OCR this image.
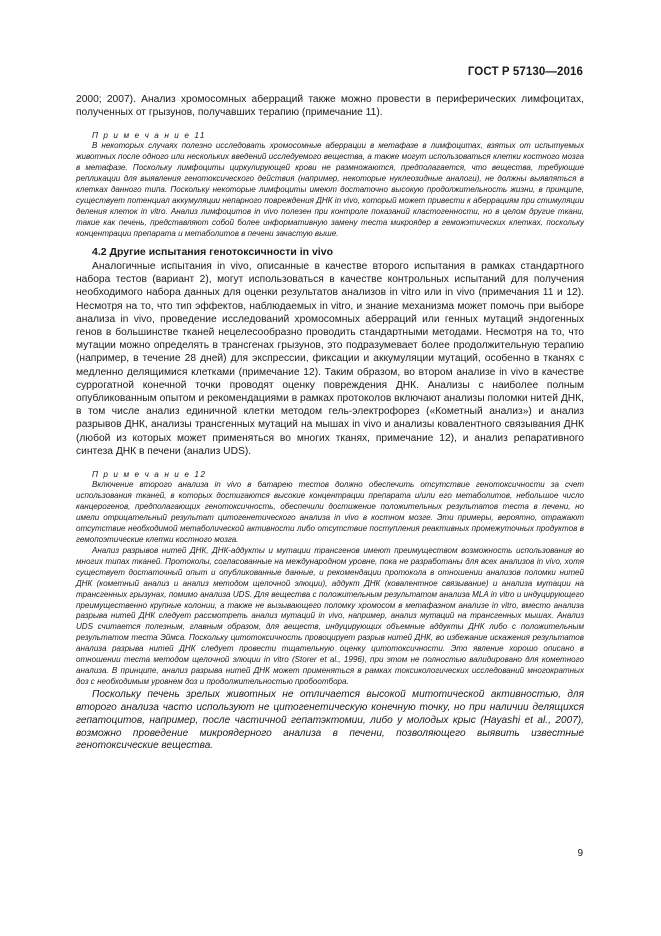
ГОСТ Р 57130—2016

2000; 2007). Анализ хромосомных аберраций также можно провести в периферических лимфоцитах, полученных от грызунов, получавших терапию (примечание 11).

П р и м е ч а н и е 11

В некоторых случаях полезно исследовать хромосомные аберрации в метафазе в лимфоцитах, взятых от испытуемых животных после одного или нескольких введений исследуемого вещества, а также могут использоваться клетки костного мозга в метафазе. Поскольку лимфоциты циркулирующей крови не размножаются, предполагается, что вещества, требующие репликации для выявления генотоксического действия (например, некоторые нуклеозидные аналоги), не должны выявляться в клетках данного типа. Поскольку некоторые лимфоциты имеют достаточно высокую продолжительность жизни, в принципе, существует потенциал аккумуляции непарного повреждения ДНК in vivo, который может привести к аберрациям при стимуляции деления клеток in vitro. Анализ лимфоцитов in vivo полезен при контроле показаний кластогенности, но в целом другие ткани, такие как печень, представляют собой более информативную замену теста микроядер в геможэтических клетках, поскольку концентрации препарата и метаболитов в печени зачастую выше.

4.2 Другие испытания генотоксичности in vivo

Аналогичные испытания in vivo, описанные в качестве второго испытания в рамках стандартного набора тестов (вариант 2), могут использоваться в качестве контрольных испытаний для получения необходимого набора данных для оценки результатов анализов in vitro или in vivo (примечания 11 и 12). Несмотря на то, что тип эффектов, наблюдаемых in vitro, и знание механизма может помочь при выборе анализа in vivo, проведение исследований хромосомных аберраций или генных мутаций эндогенных генов в большинстве тканей нецелесообразно проводить стандартными методами. Несмотря на то, что мутации можно определять в трансгенах грызунов, это подразумевает более продолжительную терапию (например, в течение 28 дней) для экспрессии, фиксации и аккумуляции мутаций, особенно в тканях с медленно делящимися клетками (примечание 12). Таким образом, во втором анализе in vivo в качестве суррогатной конечной точки проводят оценку повреждения ДНК. Анализы с наиболее полным опубликованным опытом и рекомендациями в рамках протоколов включают анализы поломки нитей ДНК, в том числе анализ единичной клетки методом гель-электрофорез («Кометный анализ») и анализ разрывов ДНК, анализы трансгенных мутаций на мышах in vivo и анализы ковалентного связывания ДНК (любой из которых может применяться во многих тканях, примечание 12), и анализ репаративного синтеза ДНК в печени (анализ UDS).

П р и м е ч а н и е 12

Включение второго анализа in vivo в батарею тестов должно обеспечить отсутствие генотоксичности за счет использования тканей, в которых достигаются высокие концентрации препарата и/или его метаболитов, небольшое число канцерогенов, предполагающих генотоксичность, обеспечили достижение положительных результатов теста в печени, но имели отрицательный результат цитогенетического анализа in vivo в костном мозге. Эти примеры, вероятно, отражают отсутствие необходимой метаболической активности либо отсутствие поступления реактивных промежуточных продуктов в гемопоэтические клетки костного мозга.

Анализ разрывов нитей ДНК, ДНК-аддукты и мутации трансгенов имеют преимуществом возможность использования во многих типах тканей. Протоколы, согласованные на международном уровне, пока не разработаны для всех анализов in vivo, хотя существует достаточный опыт и опубликованные данные, и рекомендации протокола в отношении анализов поломки нитей ДНК (кометный анализ и анализ методом щелочной элюции), аддукт ДНК (ковалентное связывание) и анализа мутации на трансгенных грызунах, помимо анализа UDS. Для вещества с положительным результатом анализа MLA in vitro и индуцирующего преимущественно крупные колонии, а также не вызывающего поломку хромосом в метафазном анализе in vitro, вместо анализа разрыва нитей ДНК следует рассмотреть анализ мутаций in vivo, например, анализ мутаций на трансгенных мышах. Анализ UDS считается полезным, главным образом, для веществ, индуцирующих объемные аддукты ДНК либо с положительным результатом теста Эймса. Поскольку цитотоксичность провоцирует разрыв нитей ДНК, во избежание искажения результатов анализа разрыва нитей ДНК следует провести тщательную оценку цитотоксичности. Это явление хорошо описано в отношении теста методом щелочной элюции in vitro (Storer et al., 1996), при этом не полностью валидировано для кометного анализа. В принципе, анализ разрыва нитей ДНК может применяться в рамках токсикологических исследований многократных доз с необходимым уровнем доз и продолжительностью пробоотбора.

Поскольку печень зрелых животных не отличается высокой митотической активностью, для второго анализа часто используют не цитогенетическую конечную точку, но при наличии делящихся гепатоцитов, например, после частичной гепатэктомии, либо у молодых крыс (Hayashi et al., 2007), возможно проведение микроядерного анализа в печени, позволяющего выявить известные генотоксические вещества.

9
